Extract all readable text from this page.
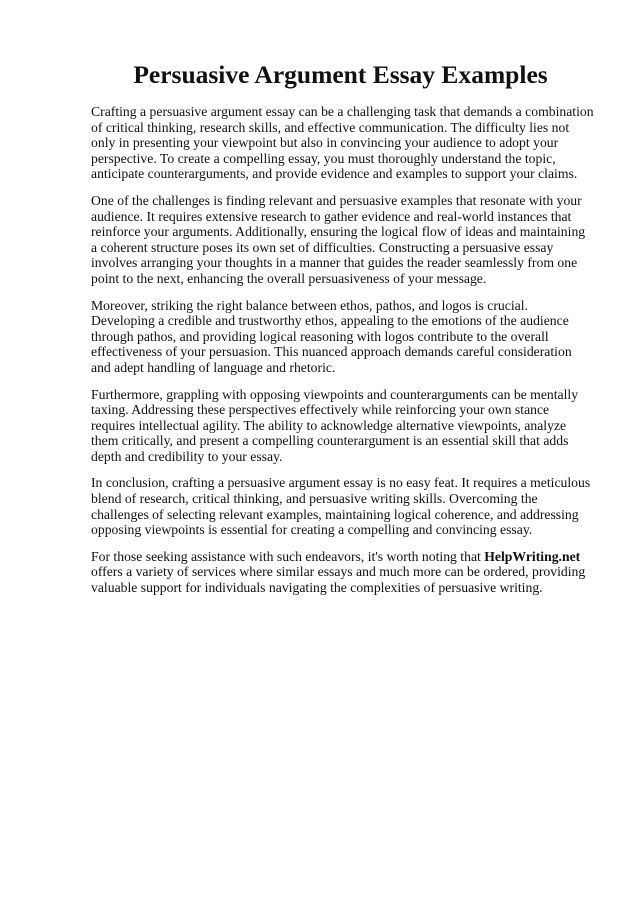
Persuasive Argument Essay Examples

Crafting a persuasive argument essay can be a challenging task that demands a combination of critical thinking, research skills, and effective communication. The difficulty lies not only in presenting your viewpoint but also in convincing your audience to adopt your perspective. To create a compelling essay, you must thoroughly understand the topic, anticipate counterarguments, and provide evidence and examples to support your claims.

One of the challenges is finding relevant and persuasive examples that resonate with your audience. It requires extensive research to gather evidence and real-world instances that reinforce your arguments. Additionally, ensuring the logical flow of ideas and maintaining a coherent structure poses its own set of difficulties. Constructing a persuasive essay involves arranging your thoughts in a manner that guides the reader seamlessly from one point to the next, enhancing the overall persuasiveness of your message.

Moreover, striking the right balance between ethos, pathos, and logos is crucial. Developing a credible and trustworthy ethos, appealing to the emotions of the audience through pathos, and providing logical reasoning with logos contribute to the overall effectiveness of your persuasion. This nuanced approach demands careful consideration and adept handling of language and rhetoric.

Furthermore, grappling with opposing viewpoints and counterarguments can be mentally taxing. Addressing these perspectives effectively while reinforcing your own stance requires intellectual agility. The ability to acknowledge alternative viewpoints, analyze them critically, and present a compelling counterargument is an essential skill that adds depth and credibility to your essay.

In conclusion, crafting a persuasive argument essay is no easy feat. It requires a meticulous blend of research, critical thinking, and persuasive writing skills. Overcoming the challenges of selecting relevant examples, maintaining logical coherence, and addressing opposing viewpoints is essential for creating a compelling and convincing essay.

For those seeking assistance with such endeavors, it's worth noting that HelpWriting.net offers a variety of services where similar essays and much more can be ordered, providing valuable support for individuals navigating the complexities of persuasive writing.
